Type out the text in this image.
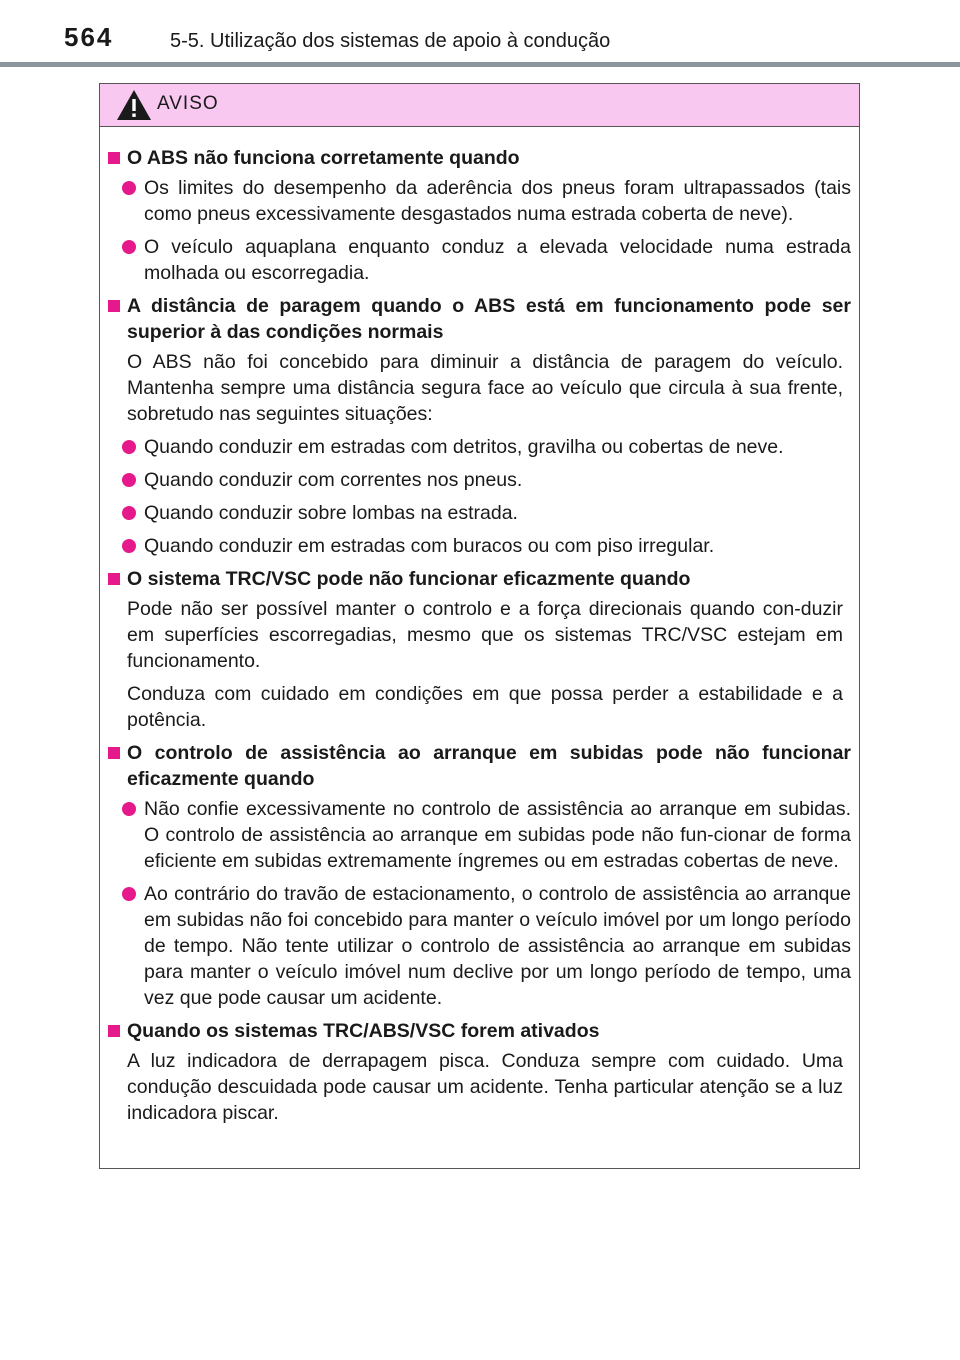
564	5-5. Utilização dos sistemas de apoio à condução
AVISO
O ABS não funciona corretamente quando
Os limites do desempenho da aderência dos pneus foram ultrapassados (tais como pneus excessivamente desgastados numa estrada coberta de neve).
O veículo aquaplana enquanto conduz a elevada velocidade numa estrada molhada ou escorregadia.
A distância de paragem quando o ABS está em funcionamento pode ser superior à das condições normais

O ABS não foi concebido para diminuir a distância de paragem do veículo. Mantenha sempre uma distância segura face ao veículo que circula à sua frente, sobretudo nas seguintes situações:

Quando conduzir em estradas com detritos, gravilha ou cobertas de neve.
Quando conduzir com correntes nos pneus.
Quando conduzir sobre lombas na estrada.
Quando conduzir em estradas com buracos ou com piso irregular.
O sistema TRC/VSC pode não funcionar eficazmente quando

Pode não ser possível manter o controlo e a força direcionais quando con-duzir em superfícies escorregadias, mesmo que os sistemas TRC/VSC estejam em funcionamento.

Conduza com cuidado em condições em que possa perder a estabilidade e a potência.

O controlo de assistência ao arranque em subidas pode não funcionar eficazmente quando
Não confie excessivamente no controlo de assistência ao arranque em subidas. O controlo de assistência ao arranque em subidas pode não fun-cionar de forma eficiente em subidas extremamente íngremes ou em estradas cobertas de neve.
Ao contrário do travão de estacionamento, o controlo de assistência ao arranque em subidas não foi concebido para manter o veículo imóvel por um longo período de tempo. Não tente utilizar o controlo de assistência ao arranque em subidas para manter o veículo imóvel num declive por um longo período de tempo, uma vez que pode causar um acidente.
Quando os sistemas TRC/ABS/VSC forem ativados

A luz indicadora de derrapagem pisca. Conduza sempre com cuidado. Uma condução descuidada pode causar um acidente. Tenha particular atenção se a luz indicadora piscar.
